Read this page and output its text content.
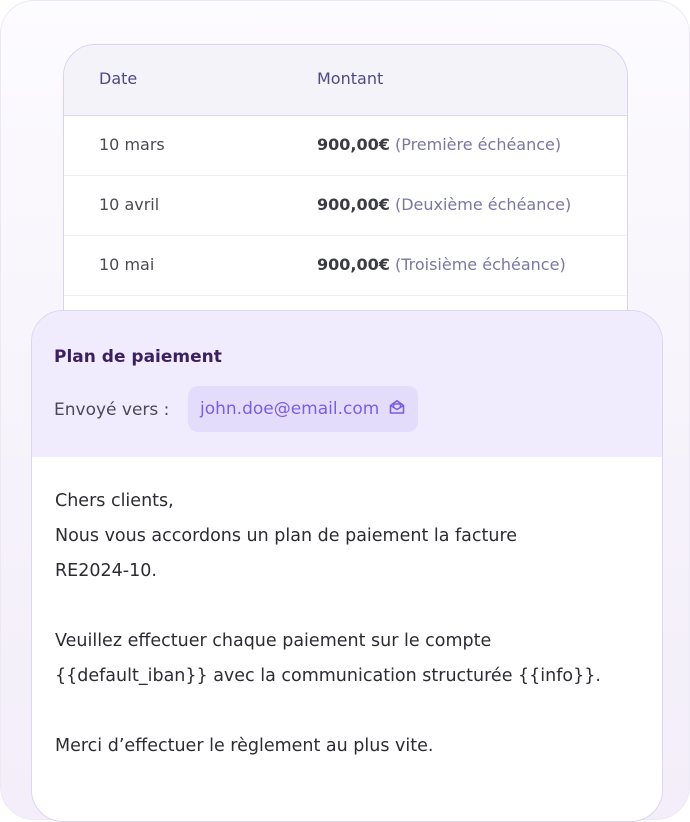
Date	Montant
10 mars	900,00€ (Première échéance)
10 avril	900,00€ (Deuxième échéance)
10 mai	900,00€ (Troisième échéance)
Plan de paiement
Envoyé vers : john.doe@email.com

Chers clients,

Nous vous accordons un plan de paiement la facture

RE2024-10.

Veuillez effectuer chaque paiement sur le compte

{{default_iban}} avec la communication structurée {{info}}.

Merci d’effectuer le règlement au plus vite.
